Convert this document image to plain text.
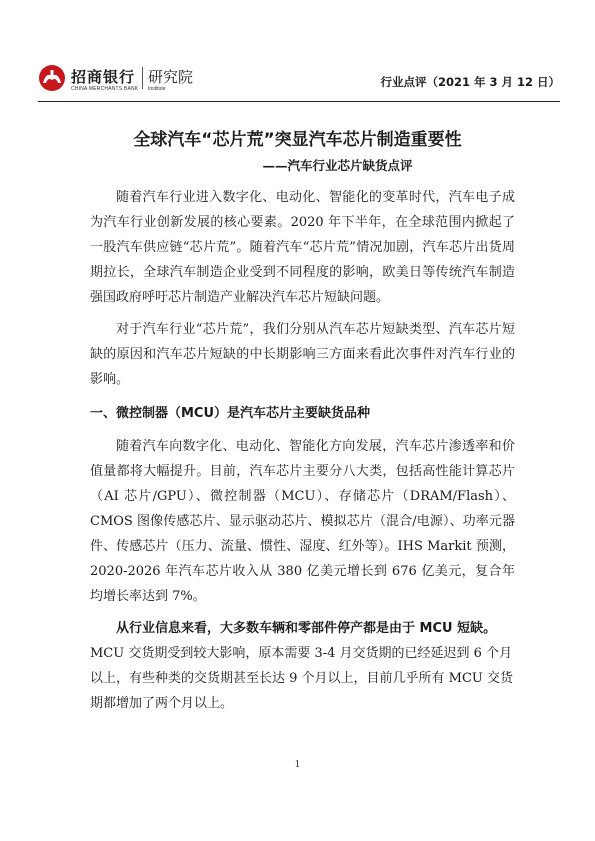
招商银行
CHINA MERCHANTS BANK
研究院
Institute	行业点评（2021 年 3 月 12 日）
全球汽车“芯片荒”突显汽车芯片制造重要性
——汽车行业芯片缺货点评

随着汽车行业进入数字化、电动化、智能化的变革时代，汽车电子成为汽车行业创新发展的核心要素。2020 年下半年，在全球范围内掀起了一股汽车供应链“芯片荒”。随着汽车“芯片荒”情况加剧，汽车芯片出货周期拉长，全球汽车制造企业受到不同程度的影响，欧美日等传统汽车制造强国政府呼吁芯片制造产业解决汽车芯片短缺问题。

对于汽车行业“芯片荒”，我们分别从汽车芯片短缺类型、汽车芯片短缺的原因和汽车芯片短缺的中长期影响三方面来看此次事件对汽车行业的影响。

一、微控制器（MCU）是汽车芯片主要缺货品种

随着汽车向数字化、电动化、智能化方向发展，汽车芯片渗透率和价值量都将大幅提升。目前，汽车芯片主要分八大类，包括高性能计算芯片（AI 芯片/GPU）、微控制器（MCU）、存储芯片（DRAM/Flash）、CMOS 图像传感芯片、显示驱动芯片、模拟芯片（混合/电源）、功率元器件、传感芯片（压力、流量、惯性、湿度、红外等）。IHS Markit 预测，2020-2026 年汽车芯片收入从 380 亿美元增长到 676 亿美元，复合年均增长率达到 7%。

从行业信息来看，大多数车辆和零部件停产都是由于 MCU 短缺。

MCU 交货期受到较大影响，原本需要 3-4 月交货期的已经延迟到 6 个月以上，有些种类的交货期甚至长达 9 个月以上，目前几乎所有 MCU 交货期都增加了两个月以上。

1
